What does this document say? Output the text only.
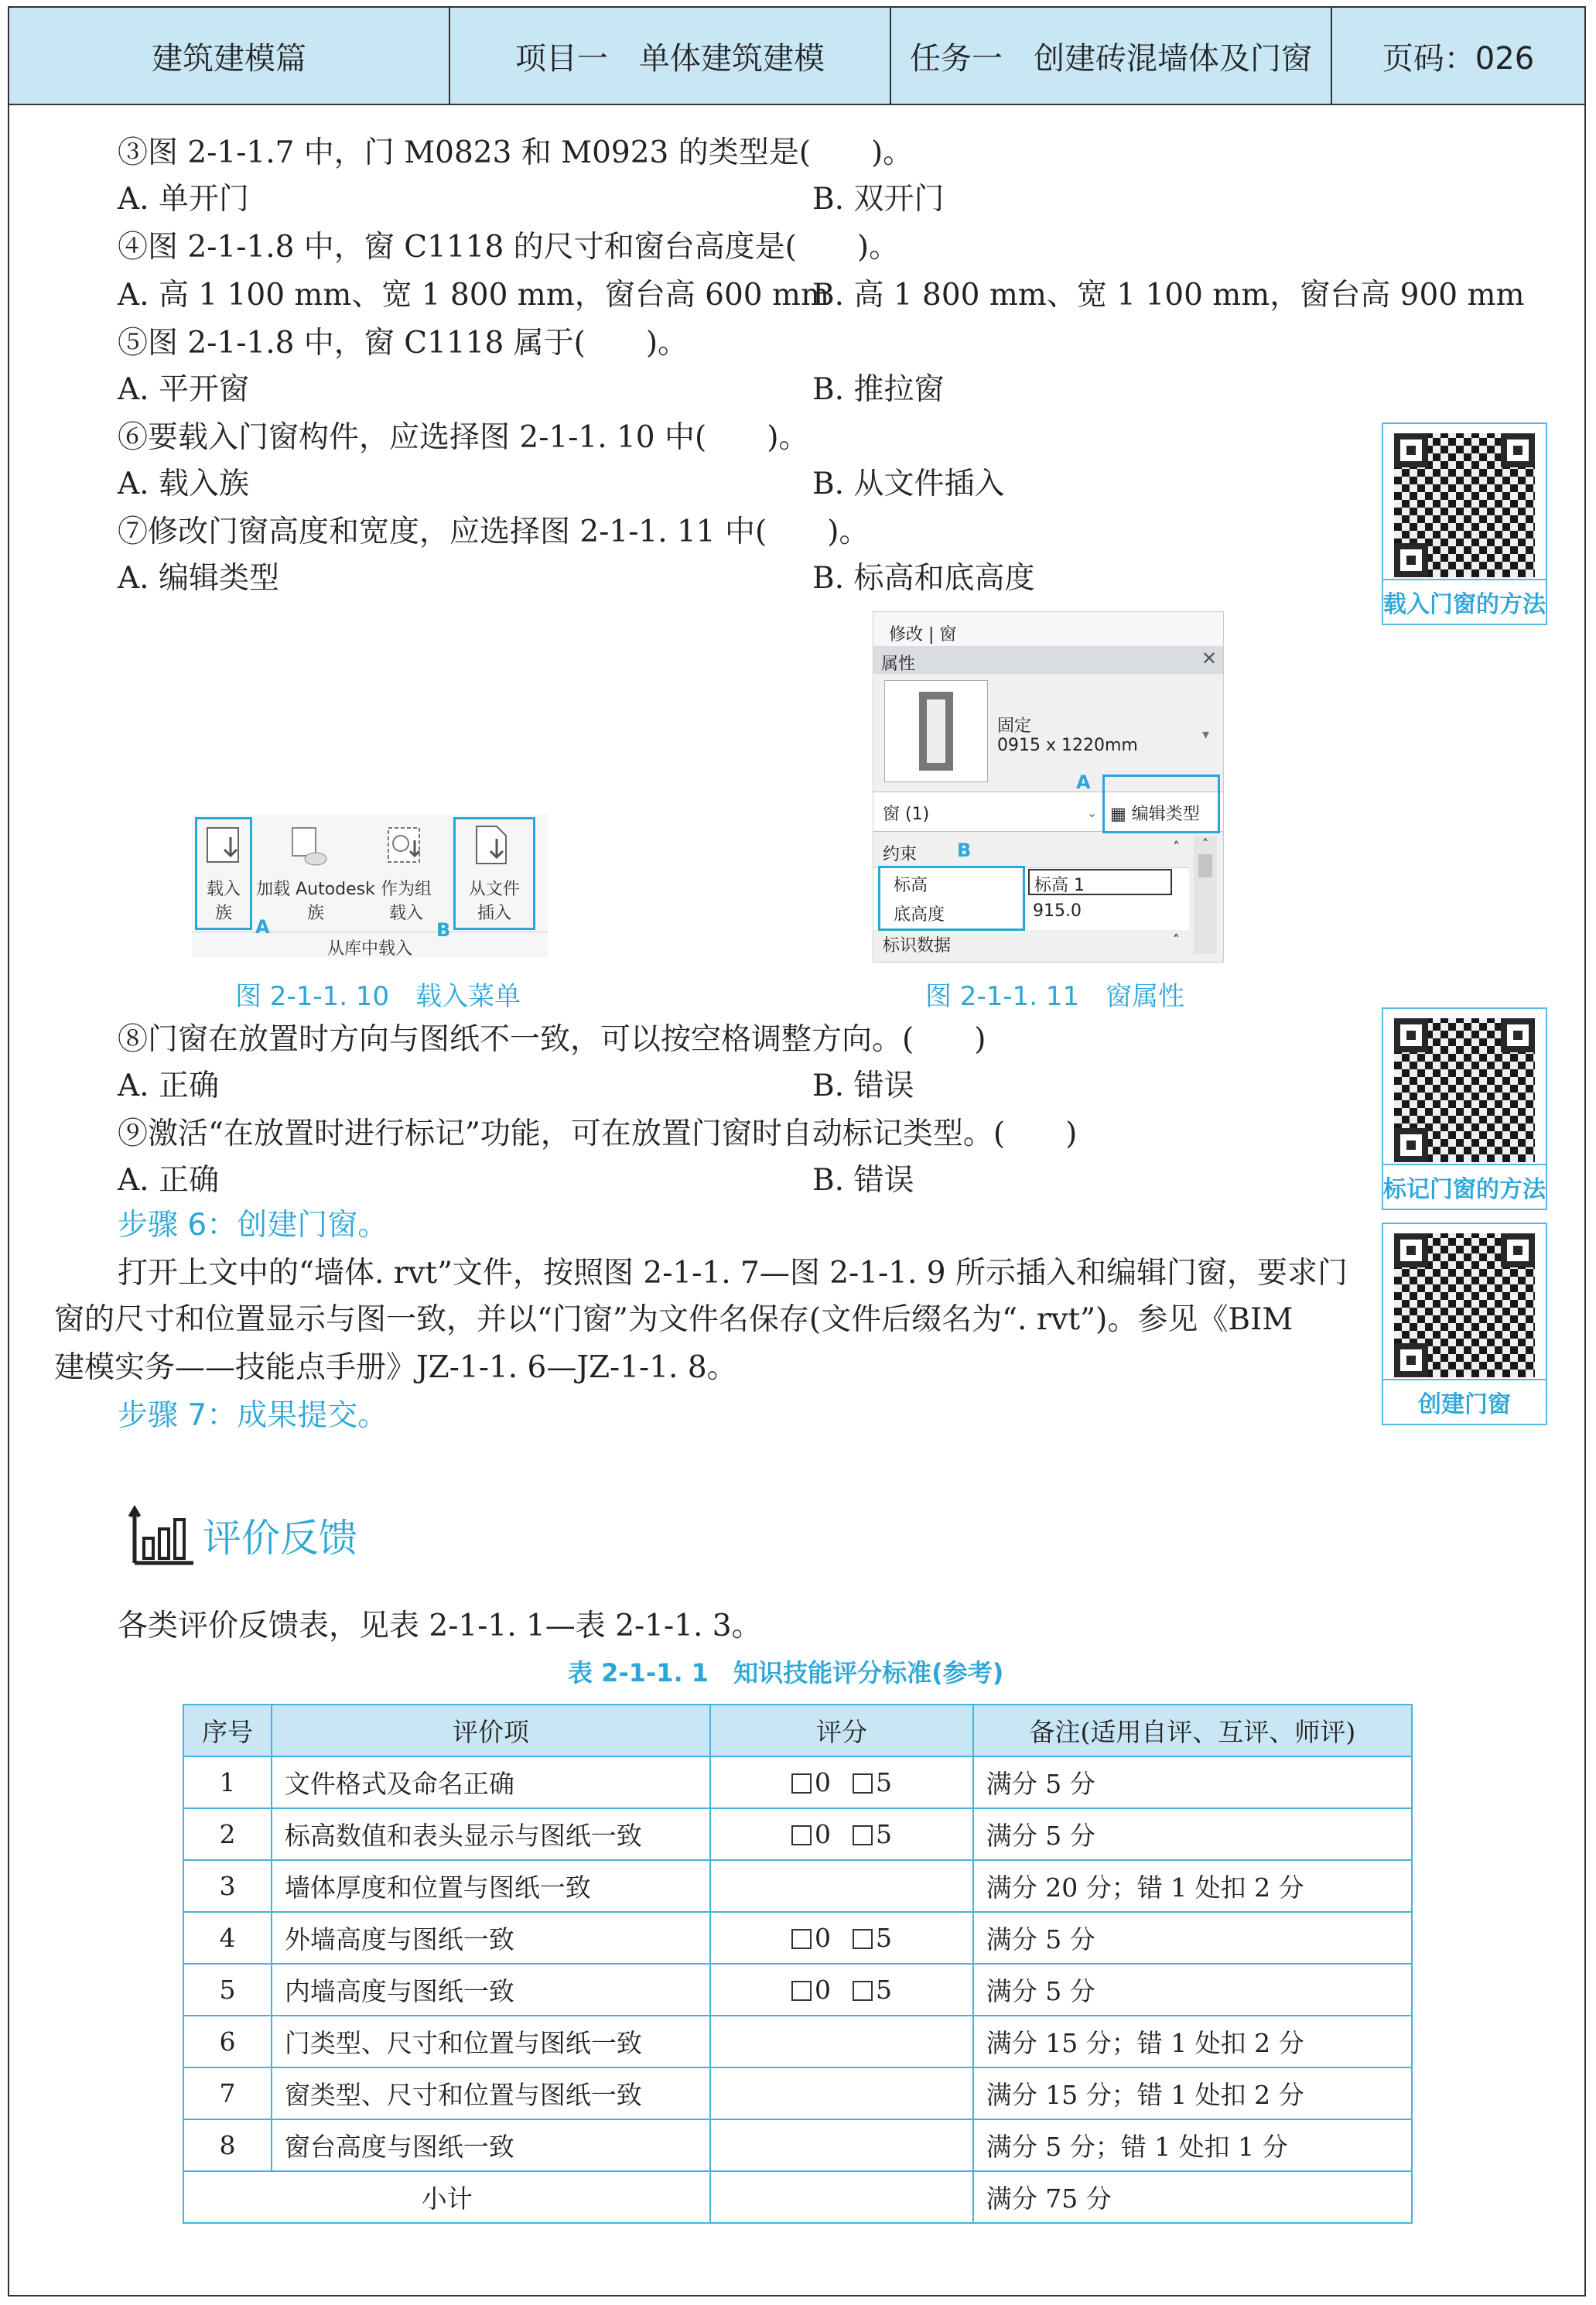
建筑建模篇	项目一　单体建筑建模	任务一　创建砖混墙体及门窗	页码：026
③图 2-1-1.7 中，门 M0823 和 M0923 的类型是(　　)。
A. 单开门	B. 双开门
④图 2-1-1.8 中，窗 C1118 的尺寸和窗台高度是(　　)。
A. 高 1 100 mm、宽 1 800 mm，窗台高 600 mm
B. 高 1 800 mm、宽 1 100 mm，窗台高 900 mm
⑤图 2-1-1.8 中，窗 C1118 属于(　　)。
A. 平开窗	B. 推拉窗
⑥要载入门窗构件，应选择图 2-1-1. 10 中(　　)。
A. 载入族	B. 从文件插入
⑦修改门窗高度和宽度，应选择图 2-1-1. 11 中(　　)。
A. 编辑类型	B. 标高和底高度
载入门窗的方法
载入
族
加载 Autodesk
族
作为组
载入
从文件
插入
从库中载入
A	B
图 2-1-1. 10　载入菜单
修改 | 窗
属性	✕
固定
0915 x 1220mm
▾
窗 (1)	⌄ ▦ 编辑类型
A
约束 B	˄
标高	标高 1
底高度	915.0
标识数据	˄
˄
图 2-1-1. 11　窗属性
⑧门窗在放置时方向与图纸不一致，可以按空格调整方向。(　　)
A. 正确	B. 错误
⑨激活“在放置时进行标记”功能，可在放置门窗时自动标记类型。(　　)
A. 正确	B. 错误	标记门窗的方法
创建门窗
步骤 6：创建门窗。
打开上文中的“墙体. rvt”文件，按照图 2-1-1. 7—图 2-1-1. 9 所示插入和编辑门窗，要求门
窗的尺寸和位置显示与图一致，并以“门窗”为文件名保存(文件后缀名为“. rvt”)。参见《BIM
建模实务——技能点手册》JZ-1-1. 6—JZ-1-1. 8。
步骤 7：成果提交。
评价反馈
各类评价反馈表，见表 2-1-1. 1—表 2-1-1. 3。
表 2-1-1. 1　知识技能评分标准(参考)
序号	评价项	评分	备注(适用自评、互评、师评)
1	文件格式及命名正确	0 5	满分 5 分
2	标高数值和表头显示与图纸一致	0 5	满分 5 分
3	墙体厚度和位置与图纸一致		满分 20 分；错 1 处扣 2 分
4	外墙高度与图纸一致	0 5	满分 5 分
5	内墙高度与图纸一致	0 5	满分 5 分
6	门类型、尺寸和位置与图纸一致		满分 15 分；错 1 处扣 2 分
7	窗类型、尺寸和位置与图纸一致		满分 15 分；错 1 处扣 2 分
8	窗台高度与图纸一致		满分 5 分；错 1 处扣 1 分
小计			满分 75 分
